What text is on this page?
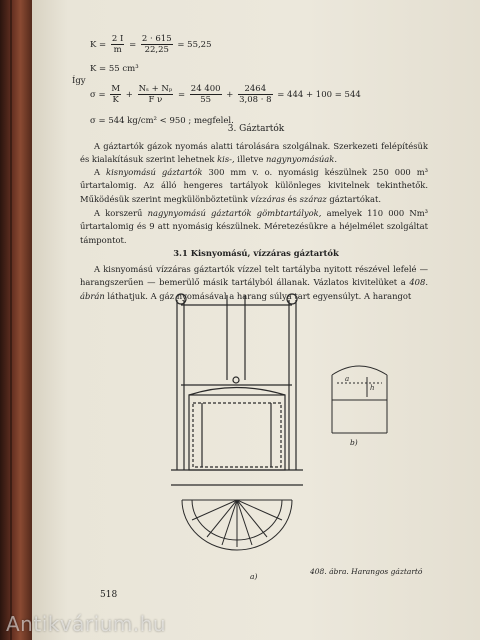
$K = \frac{2 I}{m} = \frac{2 \cdot 615}{22,25} = 55,25$
K = 55 cm³
Így
$\sigma = \frac{M}{K} + \frac{\text{Nₛ + Nₚ}}{\text{F ν}} = \frac{24 400}{55} + \frac{2464}{3,08 \cdot 8} = 444 + 100 = 544$
σ = 544 kg/cm² < 950 ; megfelel.
3. Gáztartók

A gáztartók gázok nyomás alatti tárolására szolgálnak. Szerkezeti felépítésük és kialakításuk szerint lehetnek kis-, illetve nagynyomásúak.

A kisnyomású gáztartók 300 mm v. o. nyomásig készülnek 250 000 m³ űrtartalomig. Az álló hengeres tartályok különleges kivitelnek tekinthetők. Működésük szerint megkülönböztetünk vízzáras és száraz gáztartókat.

A korszerű nagynyomású gáztartók gömbtartályok, amelyek 110 000 Nm³ űrtartalomig és 9 att nyomásig készülnek. Méretezésükre a héjelmélet szolgáltat támpontot.

3.1 Kisnyomású, vízzáras gáztartók

A kisnyomású vízzáras gáztartók vízzel telt tartályba nyitott részével lefelé — harangszerűen — bemerülő másik tartályból állanak. Vázlatos kivitelüket a 408. ábrán láthatjuk. A gáz nyomásával a harang súlya tart egyensúlyt. A harangot

a
h
b)
a)
408. ábra. Harangos gáztartó
518
Antikvárium.hu
